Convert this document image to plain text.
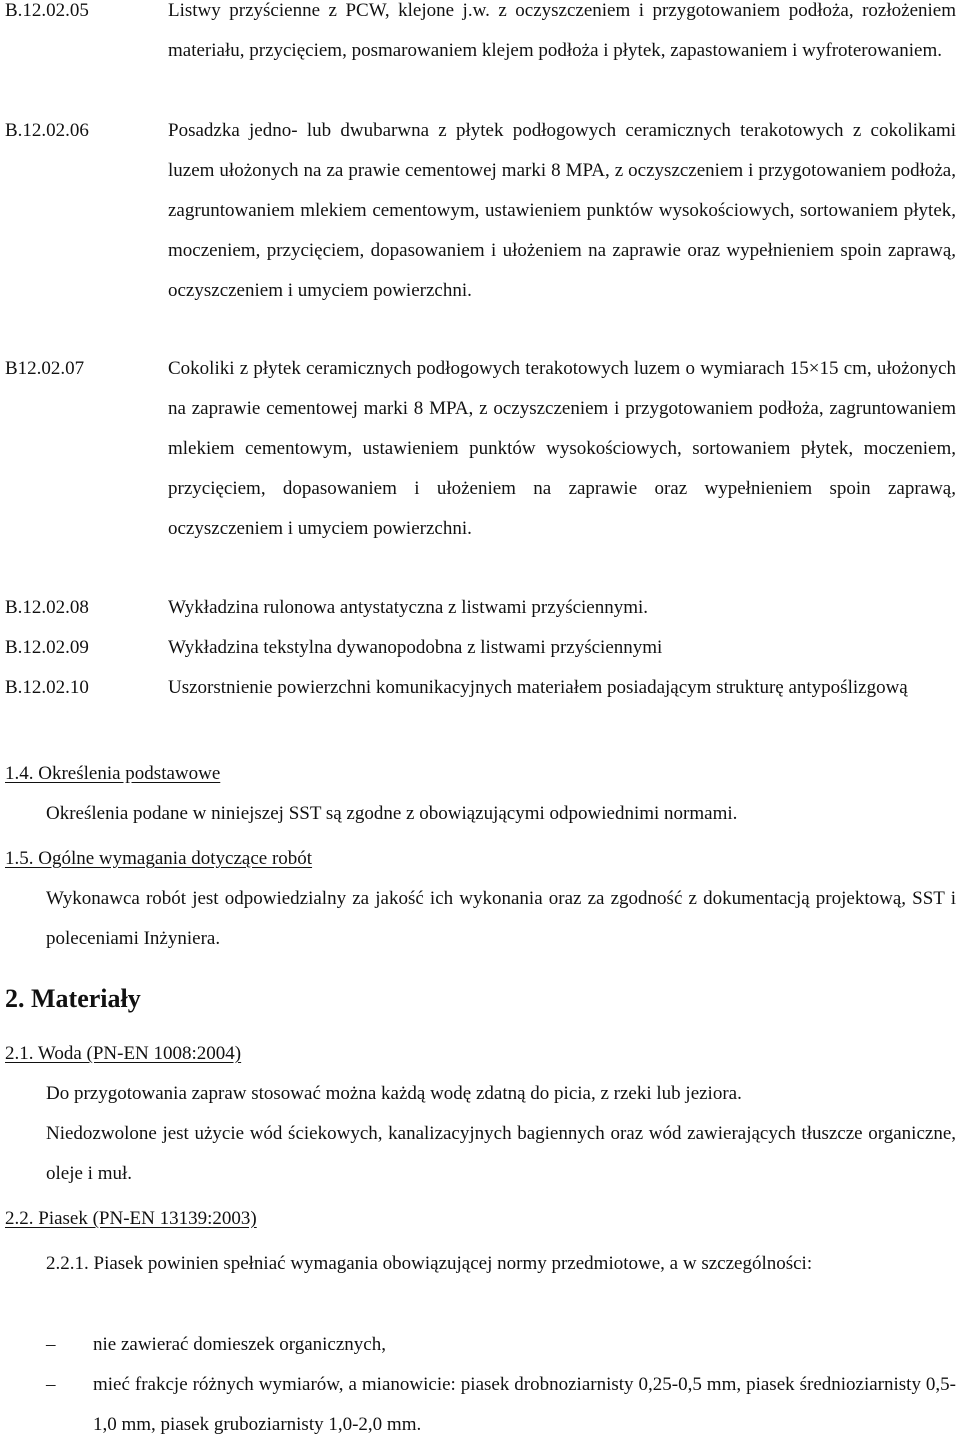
B.12.02.05	Listwy przyścienne z PCW, klejone j.w. z oczyszczeniem i przygotowaniem podłoża, rozłożeniem materiału, przycięciem, posmarowaniem klejem podłoża i płytek, zapastowaniem i wyfroterowaniem.
B.12.02.06	Posadzka jedno- lub dwubarwna z płytek podłogowych ceramicznych terakotowych z cokolikami luzem ułożonych na za prawie cementowej marki 8 MPA, z oczyszczeniem i przygotowaniem podłoża, zagruntowaniem mlekiem cementowym, ustawieniem punktów wysokościowych, sortowaniem płytek, moczeniem, przycięciem, dopasowaniem i ułożeniem na zaprawie oraz wypełnieniem spoin zaprawą, oczyszczeniem i umyciem powierzchni.
B12.02.07	Cokoliki z płytek ceramicznych podłogowych terakotowych luzem o wymiarach 15×15 cm, ułożonych na zaprawie cementowej marki 8 MPA, z oczyszczeniem i przygotowaniem podłoża, zagruntowaniem mlekiem cementowym, ustawieniem punktów wysokościowych, sortowaniem płytek, moczeniem, przycięciem, dopasowaniem i ułożeniem na zaprawie oraz wypełnieniem spoin zaprawą, oczyszczeniem i umyciem powierzchni.
B.12.02.08	Wykładzina rulonowa antystatyczna z listwami przyściennymi.
B.12.02.09	Wykładzina tekstylna dywanopodobna z listwami przyściennymi
B.12.02.10	Uszorstnienie powierzchni komunikacyjnych materiałem posiadającym strukturę antypoślizgową
1.4. Określenia podstawowe
Określenia podane w niniejszej SST są zgodne z obowiązującymi odpowiednimi normami.
1.5. Ogólne wymagania dotyczące robót
Wykonawca robót jest odpowiedzialny za jakość ich wykonania oraz za zgodność z dokumentacją projektową, SST i poleceniami Inżyniera.
2. Materiały
2.1. Woda (PN-EN 1008:2004)
Do przygotowania zapraw stosować można każdą wodę zdatną do picia, z rzeki lub jeziora.
Niedozwolone jest użycie wód ściekowych, kanalizacyjnych bagiennych oraz wód zawierających tłuszcze organiczne, oleje i muł.
2.2. Piasek (PN-EN 13139:2003)
2.2.1. Piasek powinien spełniać wymagania obowiązującej normy przedmiotowe, a w szczególności:
– nie zawierać domieszek organicznych,
– mieć frakcje różnych wymiarów, a mianowicie: piasek drobnoziarnisty 0,25-0,5 mm, piasek średnioziarnisty 0,5-1,0 mm, piasek gruboziarnisty 1,0-2,0 mm.
